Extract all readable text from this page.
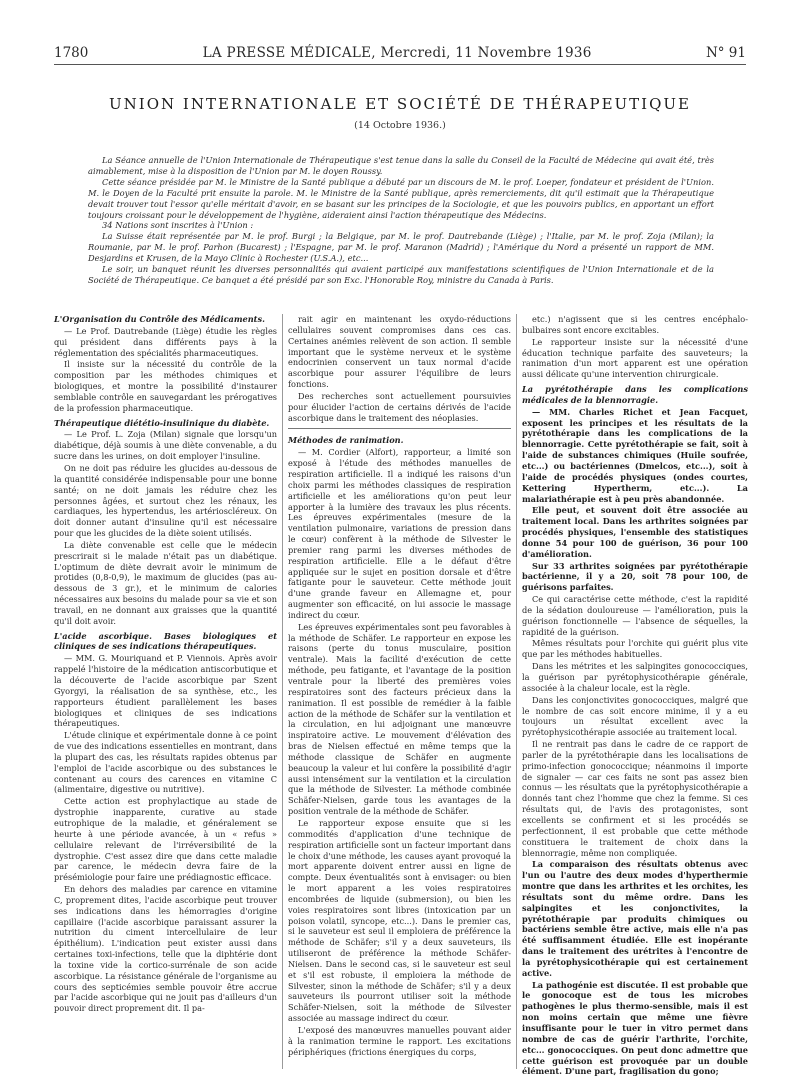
1780	LA PRESSE MÉDICALE, Mercredi, 11 Novembre 1936	N° 91
UNION INTERNATIONALE ET SOCIÉTÉ DE THÉRAPEUTIQUE
(14 Octobre 1936.)

La Séance annuelle de l'Union Internationale de Thérapeutique s'est tenue dans la salle du Conseil de la Faculté de Médecine qui avait été, très aimablement, mise à la disposition de l'Union par M. le doyen Roussy.

Cette séance présidée par M. le Ministre de la Santé publique a débuté par un discours de M. le prof. Loeper, fondateur et président de l'Union. M. le Doyen de la Faculté prit ensuite la parole. M. le Ministre de la Santé publique, après remerciements, dit qu'il estimait que la Thérapeutique devait trouver tout l'essor qu'elle méritait d'avoir, en se basant sur les principes de la Sociologie, et que les pouvoirs publics, en apportant un effort toujours croissant pour le développement de l'hygiène, aideraient ainsi l'action thérapeutique des Médecins.

34 Nations sont inscrites à l'Union :

La Suisse était représentée par M. le prof. Burgi ; la Belgique, par M. le prof. Dautrebande (Liège) ; l'Italie, par M. le prof. Zoja (Milan); la Roumanie, par M. le prof. Parhon (Bucarest) ; l'Espagne, par M. le prof. Maranon (Madrid) ; l'Amérique du Nord a présenté un rapport de MM. Desjardins et Krusen, de la Mayo Clinic à Rochester (U.S.A.), etc...

Le soir, un banquet réunit les diverses personnalités qui avaient participé aux manifestations scientifiques de l'Union Internationale et de la Société de Thérapeutique. Ce banquet a été présidé par son Exc. l'Honorable Roy, ministre du Canada à Paris.

L'Organisation du Contrôle des Médicaments.

— Le Prof. Dautrebande (Liège) étudie les règles qui président dans différents pays à la réglementation des spécialités pharmaceutiques.

Il insiste sur la nécessité du contrôle de la composition par les méthodes chimiques et biologiques, et montre la possibilité d'instaurer semblable contrôle en sauvegardant les prérogatives de la profession pharmaceutique.

Thérapeutique diététio-insulinique du diabète.

— Le Prof. L. Zoja (Milan) signale que lorsqu'un diabétique, déjà soumis à une diète convenable, a du sucre dans les urines, on doit employer l'insuline.

On ne doit pas réduire les glucides au-dessous de la quantité considérée indispensable pour une bonne santé; on ne doit jamais les réduire chez les personnes âgées, et surtout chez les rénaux, les cardiaques, les hypertendus, les artérioscléreux. On doit donner autant d'insuline qu'il est nécessaire pour que les glucides de la diète soient utilisés.

La diète convenable est celle que le médecin prescrirait si le malade n'était pas un diabétique. L'optimum de diète devrait avoir le minimum de protides (0,8-0,9), le maximum de glucides (pas au-dessous de 3 gr.), et le minimum de calories nécessaires aux besoins du malade pour sa vie et son travail, en ne donnant aux graisses que la quantité qu'il doit avoir.

L'acide ascorbique. Bases biologiques et cliniques de ses indications thérapeutiques.

— MM. G. Mouriquand et P. Viennois. Après avoir rappelé l'histoire de la médication antiscorbutique et la découverte de l'acide ascorbique par Szent Gyorgyi, la réalisation de sa synthèse, etc., les rapporteurs étudient parallèlement les bases biologiques et cliniques de ses indications thérapeutiques.

L'étude clinique et expérimentale donne à ce point de vue des indications essentielles en montrant, dans la plupart des cas, les résultats rapides obtenus par l'emploi de l'acide ascorbique ou des substances le contenant au cours des carences en vitamine C (alimentaire, digestive ou nutritive).

Cette action est prophylactique au stade de dystrophie inapparente, curative au stade eutrophique de la maladie, et généralement se heurte à une période avancée, à un « refus » cellulaire relevant de l'irréversibilité de la dystrophie. C'est assez dire que dans cette maladie par carence, le médecin devra faire de la présémiologie pour faire une prédiagnostic efficace.

En dehors des maladies par carence en vitamine C, proprement dites, l'acide ascorbique peut trouver ses indications dans les hémorragies d'origine capillaire (l'acide ascorbique paraissant assurer la nutrition du ciment intercellulaire de leur épithélium). L'indication peut exister aussi dans certaines toxi-infections, telle que la diphtérie dont la toxine vide la cortico-surrénale de son acide ascorbique. La résistance générale de l'organisme au cours des septicémies semble pouvoir être accrue par l'acide ascorbique qui ne jouit pas d'ailleurs d'un pouvoir direct proprement dit. Il pa-

rait agir en maintenant les oxydo-réductions cellulaires souvent compromises dans ces cas. Certaines anémies relèvent de son action. Il semble important que le système nerveux et le système endocrinien conservent un taux normal d'acide ascorbique pour assurer l'équilibre de leurs fonctions.

Des recherches sont actuellement poursuivies pour élucider l'action de certains dérivés de l'acide ascorbique dans le traitement des néoplasies.

Méthodes de ranimation.

— M. Cordier (Alfort), rapporteur, a limité son exposé à l'étude des méthodes manuelles de respiration artificielle. Il a indiqué les raisons d'un choix parmi les méthodes classiques de respiration artificielle et les améliorations qu'on peut leur apporter à la lumière des travaux les plus récents. Les épreuves expérimentales (mesure de la ventilation pulmonaire, variations de pression dans le cœur) confèrent à la méthode de Silvester le premier rang parmi les diverses méthodes de respiration artificielle. Elle a le défaut d'être appliquée sur le sujet en position dorsale et d'être fatigante pour le sauveteur. Cette méthode jouit d'une grande faveur en Allemagne et, pour augmenter son efficacité, on lui associe le massage indirect du cœur.

Les épreuves expérimentales sont peu favorables à la méthode de Schäfer. Le rapporteur en expose les raisons (perte du tonus musculaire, position ventrale). Mais la facilité d'exécution de cette méthode, peu fatigante, et l'avantage de la position ventrale pour la liberté des premières voies respiratoires sont des facteurs précieux dans la ranimation. Il est possible de remédier à la faible action de la méthode de Schäfer sur la ventilation et la circulation, en lui adjoignant une manœuvre inspiratoire active. Le mouvement d'élévation des bras de Nielsen effectué en même temps que la méthode classique de Schäfer en augmente beaucoup la valeur et lui confère la possibilité d'agir aussi intensément sur la ventilation et la circulation que la méthode de Silvester. La méthode combinée Schäfer-Nielsen, garde tous les avantages de la position ventrale de la méthode de Schäfer.

Le rapporteur expose ensuite que si les commodités d'application d'une technique de respiration artificielle sont un facteur important dans le choix d'une méthode, les causes ayant provoqué la mort apparente doivent entrer aussi en ligne de compte. Deux éventualités sont à envisager: ou bien le mort apparent a les voies respiratoires encombrées de liquide (submersion), ou bien les voies respiratoires sont libres (intoxication par un poison volatil, syncope, etc...). Dans le premier cas, si le sauveteur est seul il emploiera de préférence la méthode de Schäfer; s'il y a deux sauveteurs, ils utiliseront de préférence la méthode Schäfer-Nielsen. Dans le second cas, si le sauveteur est seul et s'il est robuste, il emploiera la méthode de Silvester, sinon la méthode de Schäfer; s'il y a deux sauveteurs ils pourront utiliser soit la méthode Schäfer-Nielsen, soit la méthode de Silvester associée au massage indirect du cœur.

L'exposé des manœuvres manuelles pouvant aider à la ranimation termine le rapport. Les excitations périphériques (frictions énergiques du corps,

etc.) n'agissent que si les centres encéphalo-bulbaires sont encore excitables.

Le rapporteur insiste sur la nécessité d'une éducation technique parfaite des sauveteurs; la ranimation d'un mort apparent est une opération aussi délicate qu'une intervention chirurgicale.

La pyrétothérapie dans les complications médicales de la blennorragie.

— MM. Charles Richet et Jean Facquet, exposent les principes et les résultats de la pyrétothérapie dans les complications de la blennorragie. Cette pyrétothérapie se fait, soit à l'aide de substances chimiques (Huile soufrée, etc...) ou bactériennes (Dmelcos, etc...), soit à l'aide de procédés physiques (ondes courtes, Kettering Hypertherm, etc...). La malariathérapie est à peu près abandonnée.

Elle peut, et souvent doit être associée au traitement local. Dans les arthrites soignées par procédés physiques, l'ensemble des statistiques donne 54 pour 100 de guérison, 36 pour 100 d'amélioration.

Sur 33 arthrites soignées par pyrétothérapie bactérienne, il y a 20, soit 78 pour 100, de guérisons parfaites.

Ce qui caractérise cette méthode, c'est la rapidité de la sédation douloureuse — l'amélioration, puis la guérison fonctionnelle — l'absence de séquelles, la rapidité de la guérison.

Mêmes résultats pour l'orchite qui guérit plus vite que par les méthodes habituelles.

Dans les métrites et les salpingites gonococciques, la guérison par pyrétophysicothérapie générale, associée à la chaleur locale, est la règle.

Dans les conjonctivites gonococciques, malgré que le nombre de cas soit encore minime, il y a eu toujours un résultat excellent avec la pyrétophysicothérapie associée au traitement local.

Il ne rentrait pas dans le cadre de ce rapport de parler de la pyrétothérapie dans les localisations de primo-infection gonococcique; néanmoins il importe de signaler — car ces faits ne sont pas assez bien connus — les résultats que la pyrétophysicothérapie a donnés tant chez l'homme que chez la femme. Si ces résultats qui, de l'avis des protagonistes, sont excellents se confirment et si les procédés se perfectionnent, il est probable que cette méthode constituera le traitement de choix dans la blennorragie, même non compliquée.

La comparaison des résultats obtenus avec l'un ou l'autre des deux modes d'hyperthermie montre que dans les arthrites et les orchites, les résultats sont du même ordre. Dans les salpingites et les conjonctivites, la pyrétothérapie par produits chimiques ou bactériens semble être active, mais elle n'a pas été suffisamment étudiée. Elle est inopérante dans le traitement des urétrites à l'encontre de la pyrétophysicothérapie qui est certainement active.

La pathogénie est discutée. Il est probable que le gonocoque est de tous les microbes pathogènes le plus thermo-sensible, mais il est non moins certain que même une fièvre insuffisante pour le tuer in vitro permet dans nombre de cas de guérir l'arthrite, l'orchite, etc... gonococciques. On peut donc admettre que cette guérison est provoquée par un double élément. D'une part, fragilisation du gono;
